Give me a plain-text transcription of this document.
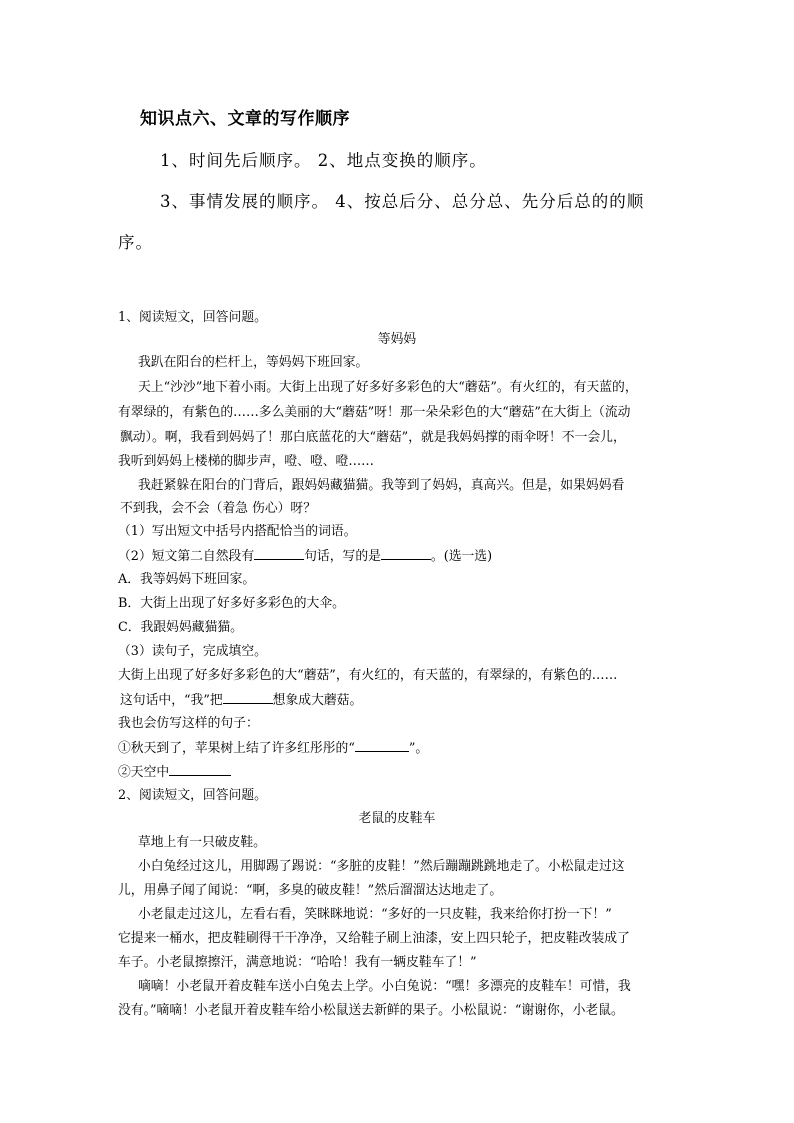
知识点六、文章的写作顺序
1、时间先后顺序。 2、地点变换的顺序。
3、事情发展的顺序。 4、按总后分、总分总、先分后总的的顺
序。
1、阅读短文，回答问题。
等妈妈
我趴在阳台的栏杆上，等妈妈下班回家。
天上“沙沙”地下着小雨。大街上出现了好多好多彩色的大“蘑菇”。有火红的，有天蓝的，
有翠绿的，有紫色的……多么美丽的大“蘑菇”呀！那一朵朵彩色的大“蘑菇”在大街上（流动
飘动）。啊，我看到妈妈了！那白底蓝花的大“蘑菇”，就是我妈妈撑的雨伞呀！不一会儿，
我听到妈妈上楼梯的脚步声，噔、噔、噔……
我赶紧躲在阳台的门背后，跟妈妈藏猫猫。我等到了妈妈，真高兴。但是，如果妈妈看
不到我，会不会（着急 伤心）呀？
（1）写出短文中括号内搭配恰当的词语。
（2）短文第二自然段有	句话，写的是	。(选一选)
A．我等妈妈下班回家。
B．大街上出现了好多好多彩色的大伞。
C．我跟妈妈藏猫猫。
（3）读句子，完成填空。
大街上出现了好多好多彩色的大“蘑菇”，有火红的，有天蓝的，有翠绿的，有紫色的……
这句话中，“我”把	想象成大蘑菇。
我也会仿写这样的句子：
①秋天到了，苹果树上结了许多红彤彤的“	”。
②天空中
2、阅读短文，回答问题。
老鼠的皮鞋车
草地上有一只破皮鞋。
小白兔经过这儿，用脚踢了踢说：“多脏的皮鞋！”然后蹦蹦跳跳地走了。小松鼠走过这
儿，用鼻子闻了闻说：“啊，多臭的破皮鞋！”然后溜溜达达地走了。
小老鼠走过这儿，左看右看，笑眯眯地说：“多好的一只皮鞋，我来给你打扮一下！”
它提来一桶水，把皮鞋刷得干干净净，又给鞋子刷上油漆，安上四只轮子，把皮鞋改装成了
车子。小老鼠擦擦汗，满意地说：“哈哈！我有一辆皮鞋车了！”
嘀嘀！小老鼠开着皮鞋车送小白兔去上学。小白兔说：“嘿！多漂亮的皮鞋车！可惜，我
没有。”嘀嘀！小老鼠开着皮鞋车给小松鼠送去新鲜的果子。小松鼠说：“谢谢你，小老鼠。
